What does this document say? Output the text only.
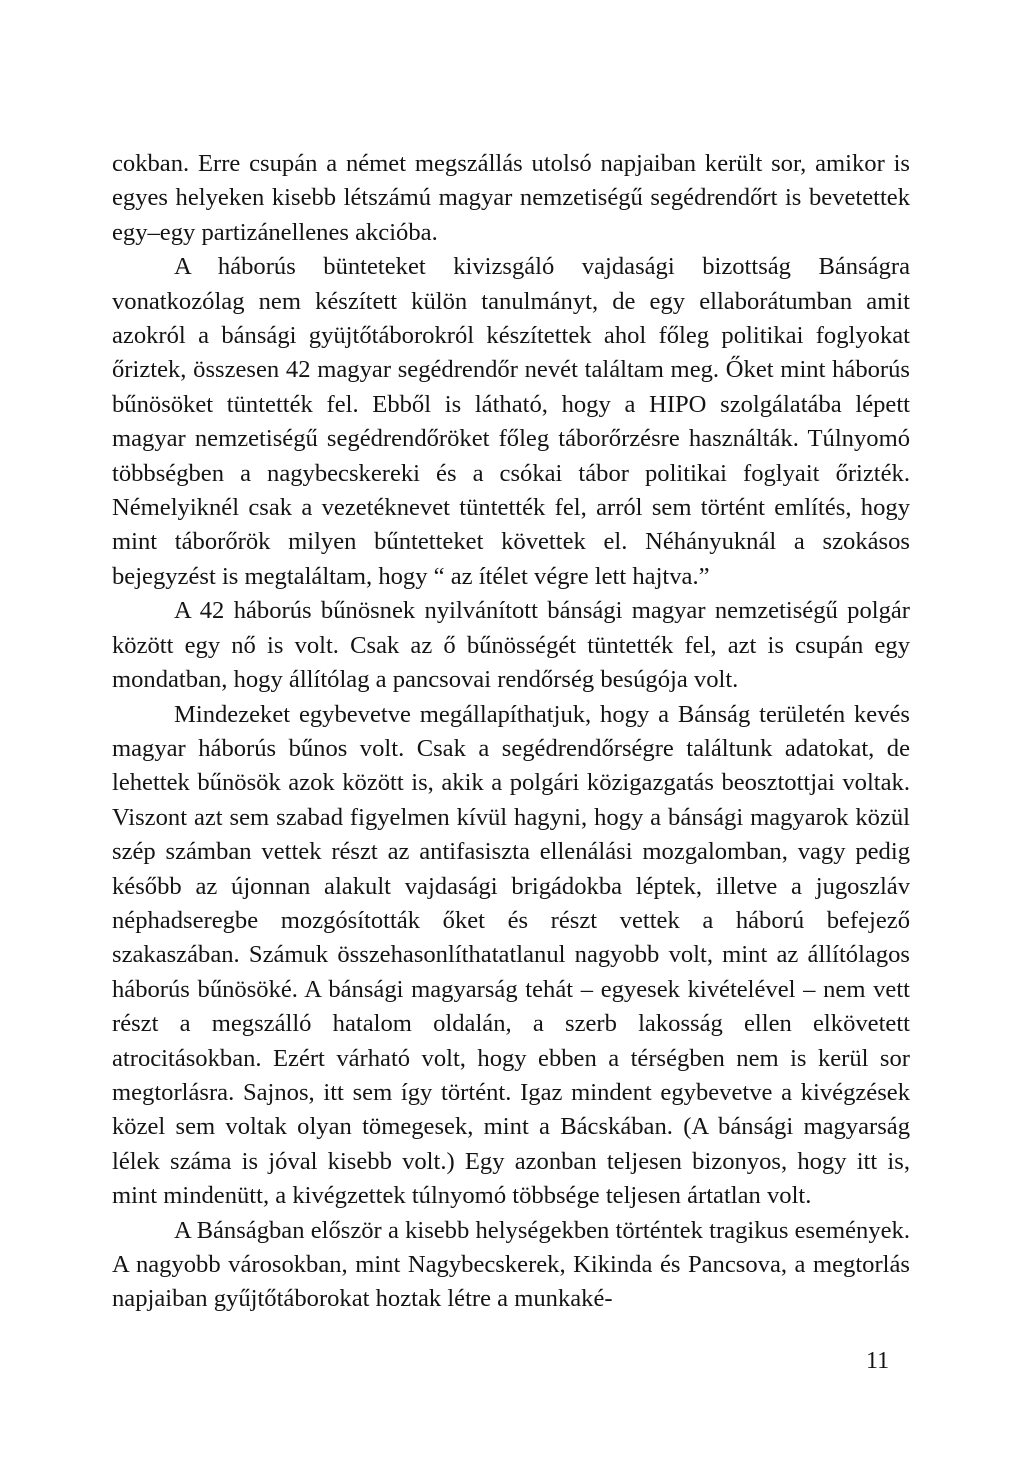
cokban. Erre csupán a német megszállás utolsó napjaiban került sor, amikor is egyes helyeken kisebb létszámú magyar nemzetiségű segédrendőrt is bevetettek egy–egy partizánellenes akcióba.

A háborús bünteteket kivizsgáló vajdasági bizottság Bánságra vonatkozólag nem készített külön tanulmányt, de egy ellaborátumban amit azokról a bánsági gyüjtőtáborokról készítettek ahol főleg politikai foglyokat őriztek, összesen 42 magyar segédrendőr nevét találtam meg. Őket mint háborús bűnösöket tüntették fel. Ebből is látható, hogy a HIPO szolgálatába lépett magyar nemzetiségű segédrendőröket főleg táborőrzésre használták. Túlnyomó többségben a nagybecskereki és a csókai tábor politikai foglyait őrizték. Némelyiknél csak a vezetéknevet tüntették fel, arról sem történt említés, hogy mint táborőrök milyen bűntetteket követtek el. Néhányuknál a szokásos bejegyzést is megtaláltam, hogy “ az ítélet végre lett hajtva.”

A 42 háborús bűnösnek nyilvánított bánsági magyar nemzetiségű polgár között egy nő is volt. Csak az ő bűnösségét tüntették fel, azt is csupán egy mondatban, hogy állítólag a pancsovai rendőrség besúgója volt.

Mindezeket egybevetve megállapíthatjuk, hogy a Bánság területén kevés magyar háborús bűnos volt. Csak a segédrendőrségre találtunk adatokat, de lehettek bűnösök azok között is, akik a polgári közigazgatás beosztottjai voltak. Viszont azt sem szabad figyelmen kívül hagyni, hogy a bánsági magyarok közül szép számban vettek részt az antifasiszta ellenálási mozgalomban, vagy pedig később az újonnan alakult vajdasági brigádokba léptek, illetve a jugoszláv néphadseregbe mozgósították őket és részt vettek a háború befejező szakaszában. Számuk összehasonlíthatatlanul nagyobb volt, mint az állítólagos háborús bűnösöké. A bánsági magyarság tehát – egyesek kivételével – nem vett részt a megszálló hatalom oldalán, a szerb lakosság ellen elkövetett atrocitásokban. Ezért várható volt, hogy ebben a térségben nem is kerül sor megtorlásra. Sajnos, itt sem így történt. Igaz mindent egybevetve a kivégzések közel sem voltak olyan tömegesek, mint a Bácskában. (A bánsági magyarság lélek száma is jóval kisebb volt.) Egy azonban teljesen bizonyos, hogy itt is, mint mindenütt, a kivégzettek túlnyomó többsége teljesen ártatlan volt.

A Bánságban először a kisebb helységekben történtek tragikus események. A nagyobb városokban, mint Nagybecskerek, Kikinda és Pancsova, a megtorlás napjaiban gyűjtőtáborokat hoztak létre a munkaké-

11
